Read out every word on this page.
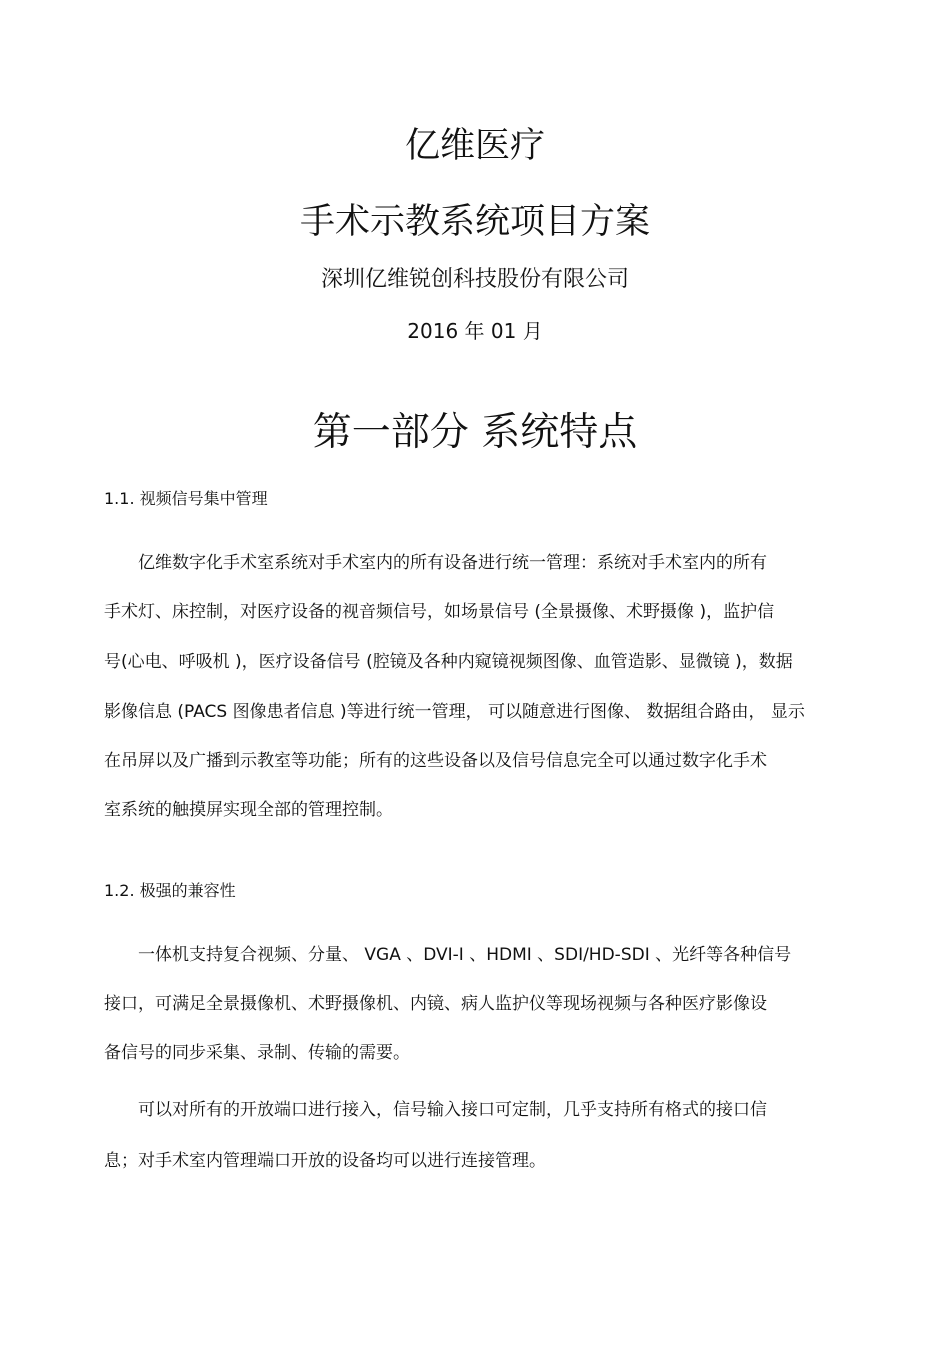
亿维医疗
手术示教系统项目方案
深圳亿维锐创科技股份有限公司
2016 年 01 月
第一部分 系统特点
1.1. 视频信号集中管理
亿维数字化手术室系统对手术室内的所有设备进行统一管理：系统对手术室内的所有
手术灯、床控制，对医疗设备的视音频信号，如场景信号 (全景摄像、术野摄像 )，监护信
号(心电、呼吸机 )，医疗设备信号 (腔镜及各种内窥镜视频图像、血管造影、显微镜 )，数据
影像信息 (PACS 图像患者信息 )等进行统一管理， 可以随意进行图像、 数据组合路由， 显示
在吊屏以及广播到示教室等功能；所有的这些设备以及信号信息完全可以通过数字化手术
室系统的触摸屏实现全部的管理控制。
1.2. 极强的兼容性
一体机支持复合视频、分量、 VGA 、DVI-I 、HDMI 、SDI/HD-SDI 、光纤等各种信号
接口，可满足全景摄像机、术野摄像机、内镜、病人监护仪等现场视频与各种医疗影像设
备信号的同步采集、录制、传输的需要。
可以对所有的开放端口进行接入，信号输入接口可定制，几乎支持所有格式的接口信
息；对手术室内管理端口开放的设备均可以进行连接管理。
